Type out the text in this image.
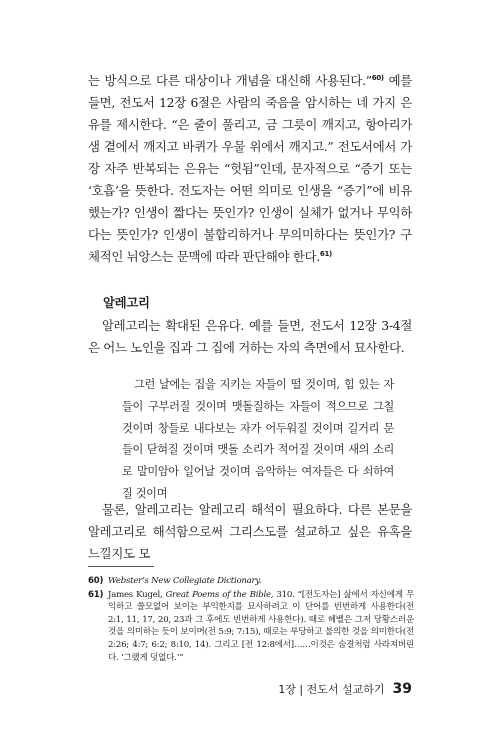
는 방식으로 다른 대상이나 개념을 대신해 사용된다.”$^{60)}$ 예를 들면, 전도서 12장 6절은 사람의 죽음을 암시하는 네 가지 은유를 제시한다. “은 줄이 풀리고, 금 그릇이 깨지고, 항아리가 샘 곁에서 깨지고 바퀴가 우물 위에서 깨지고.” 전도서에서 가장 자주 반복되는 은유는 “헛됨”인데, 문자적으로 “증기 또는 ‘호흡’을 뜻한다. 전도자는 어떤 의미로 인생을 “증기”에 비유했는가? 인생이 짧다는 뜻인가? 인생이 실체가 없거나 무익하다는 뜻인가? 인생이 불합리하거나 무의미하다는 뜻인가? 구체적인 뉘앙스는 문맥에 따라 판단해야 한다.$^{61)}$

알레고리

알레고리는 확대된 은유다. 예를 들면, 전도서 12장 3-4절은 어느 노인을 집과 그 집에 거하는 자의 측면에서 묘사한다.

그런 날에는 집을 지키는 자들이 떨 것이며, 힘 있는 자들이 구부러질 것이며 맷돌질하는 자들이 적으므로 그칠 것이며 창들로 내다보는 자가 어두워질 것이며 길거리 문들이 닫혀질 것이며 맷돌 소리가 적어질 것이며 새의 소리로 말미암아 일어날 것이며 음악하는 여자들은 다 쇠하여질 것이며

물론, 알레고리는 알레고리 해석이 필요하다. 다른 본문을 알레고리로 해석함으로써 그리스도를 설교하고 싶은 유혹을 느낄지도 모

60) Webster’s New Collegiate Dictionary.
61) James Kugel, Great Poems of the Bible, 310. “[전도자는] 삶에서 자신에게 무익하고 쓸모없어 보이는 부익한지를 묘사하려고 이 단어를 빈번하게 사용한다(전 2:1, 11, 17, 20, 23과 그 후에도 빈번하게 사용한다). 때로 헤벨은 그저 당황스러운 것을 의미하는 듯이 보이며(전 5:9; 7:15), 때로는 부당하고 불의한 것을 의미한다(전 2:26; 4:7; 6:2; 8:10, 14). 그리고 [전 12:8에서]……이것은 숨결처럼 사라져버린다. ‘그랬게 덧없다.’”
1장 | 전도서 설교하기 39
